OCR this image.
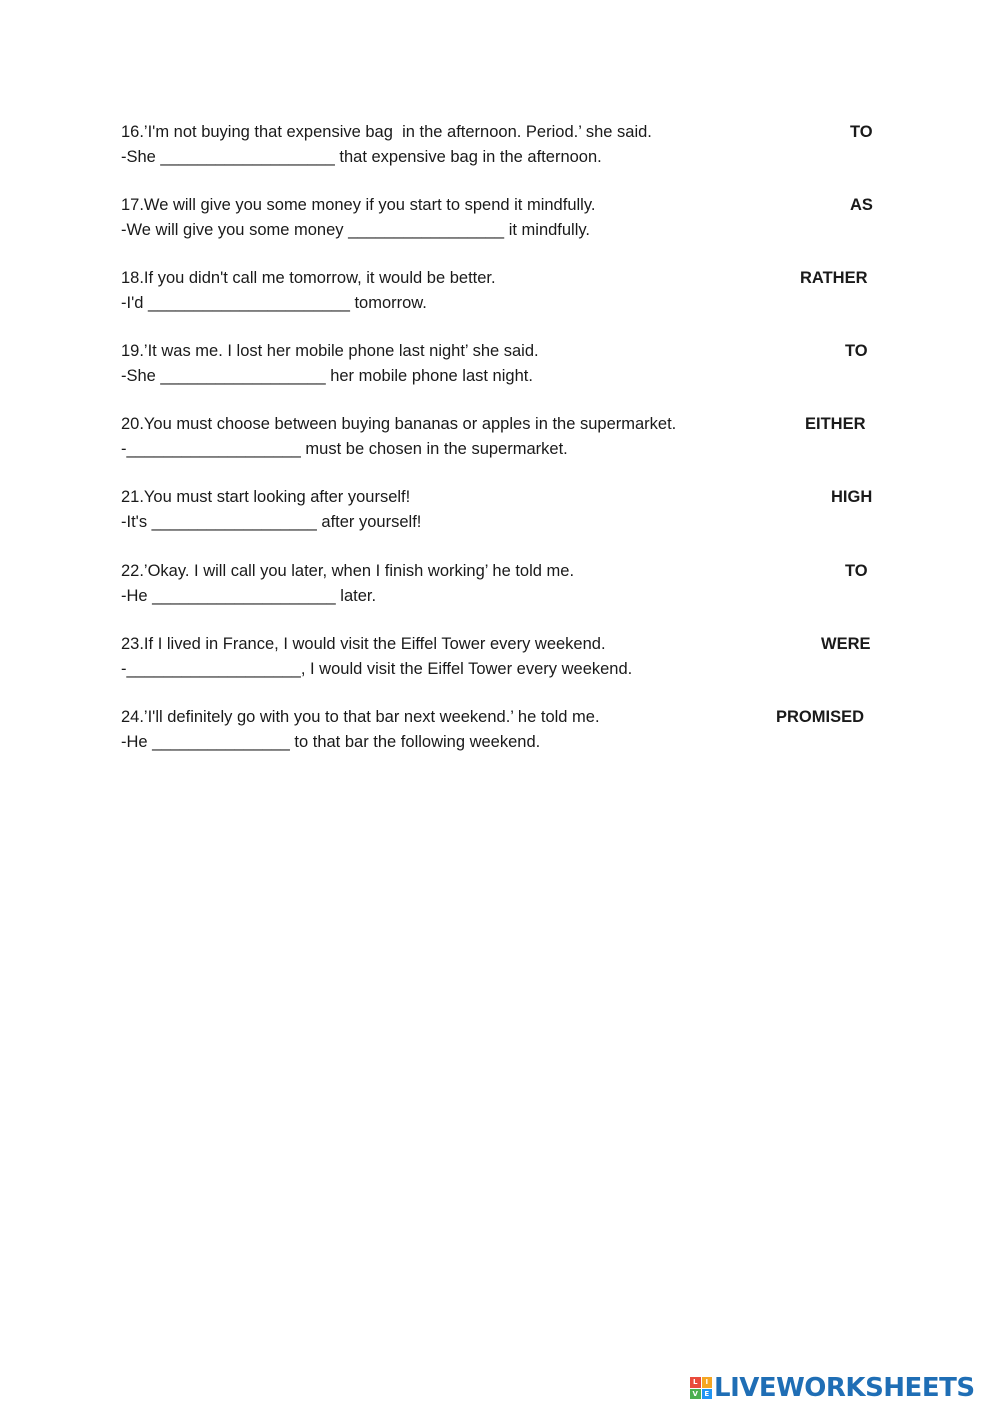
16.’I'm not buying that expensive bag  in the afternoon. Period.’ she said.
-She ___________________ that expensive bag in the afternoon.
TO
17.We will give you some money if you start to spend it mindfully.
-We will give you some money _________________ it mindfully.
AS
18.If you didn't call me tomorrow, it would be better.
-I'd ______________________ tomorrow.
RATHER
19.’It was me. I lost her mobile phone last night’ she said.
-She __________________ her mobile phone last night.
TO
20.You must choose between buying bananas or apples in the supermarket.
-___________________ must be chosen in the supermarket.
EITHER
21.You must start looking after yourself!
-It's __________________ after yourself!
HIGH
22.’Okay. I will call you later, when I finish working’ he told me.
-He ____________________ later.
TO
23.If I lived in France, I would visit the Eiffel Tower every weekend.
-___________________, I would visit the Eiffel Tower every weekend.
WERE
24.’I'll definitely go with you to that bar next weekend.’ he told me.
-He _______________ to that bar the following weekend.
PROMISED
L	I
V E LIVEWORKSHEETS
